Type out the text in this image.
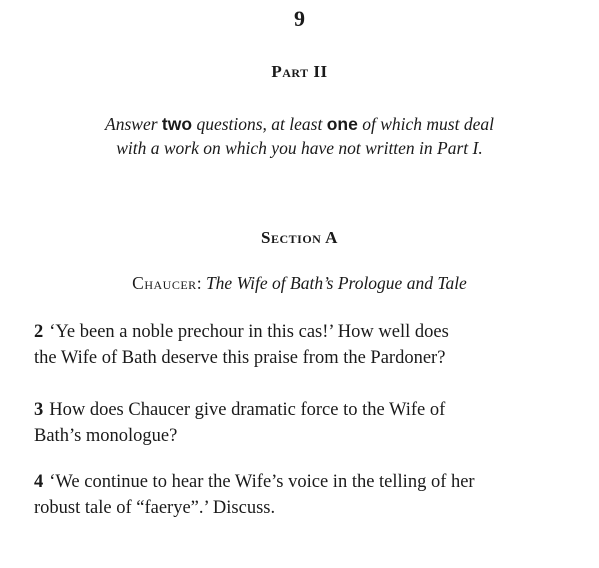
9
Part II
Answer two questions, at least one of which must deal
with a work on which you have not written in Part I.
Section A
Chaucer: The Wife of Bath’s Prologue and Tale
2 ‘Ye been a noble prechour in this cas!’ How well does
the Wife of Bath deserve this praise from the Pardoner?
3 How does Chaucer give dramatic force to the Wife of
Bath’s monologue?
4 ‘We continue to hear the Wife’s voice in the telling of her
robust tale of “faerye”.’ Discuss.
